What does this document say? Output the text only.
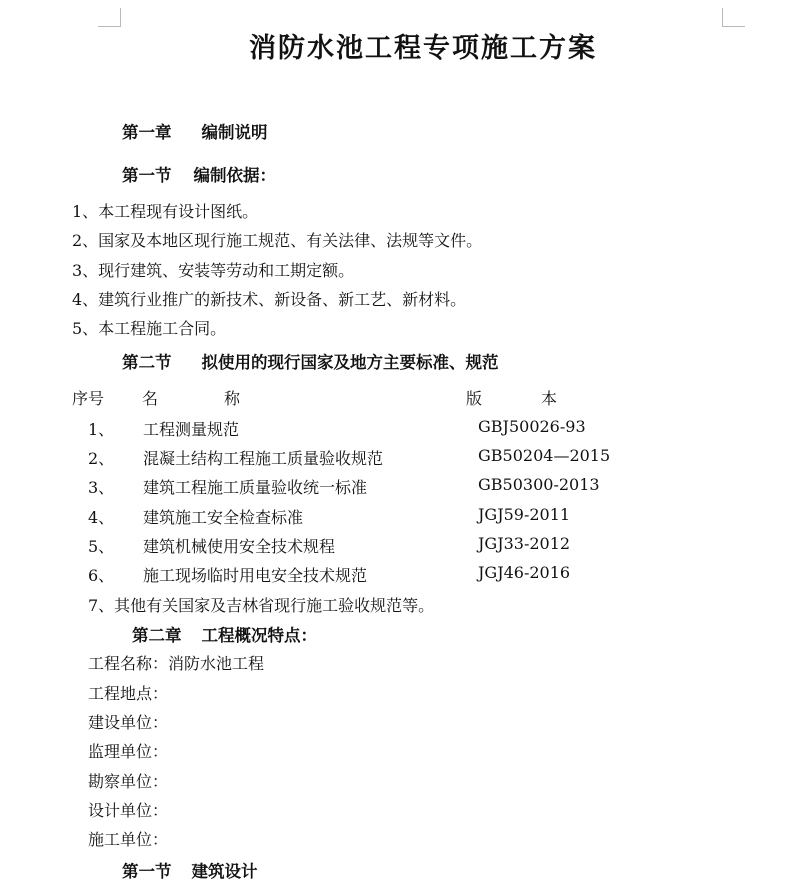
消防水池工程专项施工方案
第一章 编制说明
第一节 编制依据：
1、本工程现有设计图纸。
2、国家及本地区现行施工规范、有关法律、法规等文件。
3、现行建筑、安装等劳动和工期定额。
4、建筑行业推广的新技术、新设备、新工艺、新材料。
5、本工程施工合同。
第二节 拟使用的现行国家及地方主要标准、规范
序号 名	称	版	本
1、 工程测量规范	GBJ50026-93
2、 混凝土结构工程施工质量验收规范	GB50204—2015
3、 建筑工程施工质量验收统一标准	GB50300-2013
4、 建筑施工安全检查标准	JGJ59-2011
5、 建筑机械使用安全技术规程	JGJ33-2012
6、 施工现场临时用电安全技术规范	JGJ46-2016
7、其他有关国家及吉林省现行施工验收规范等。
第二章 工程概况特点：
工程名称：消防水池工程
工程地点：
建设单位：
监理单位：
勘察单位：
设计单位：
施工单位：
第一节 建筑设计
